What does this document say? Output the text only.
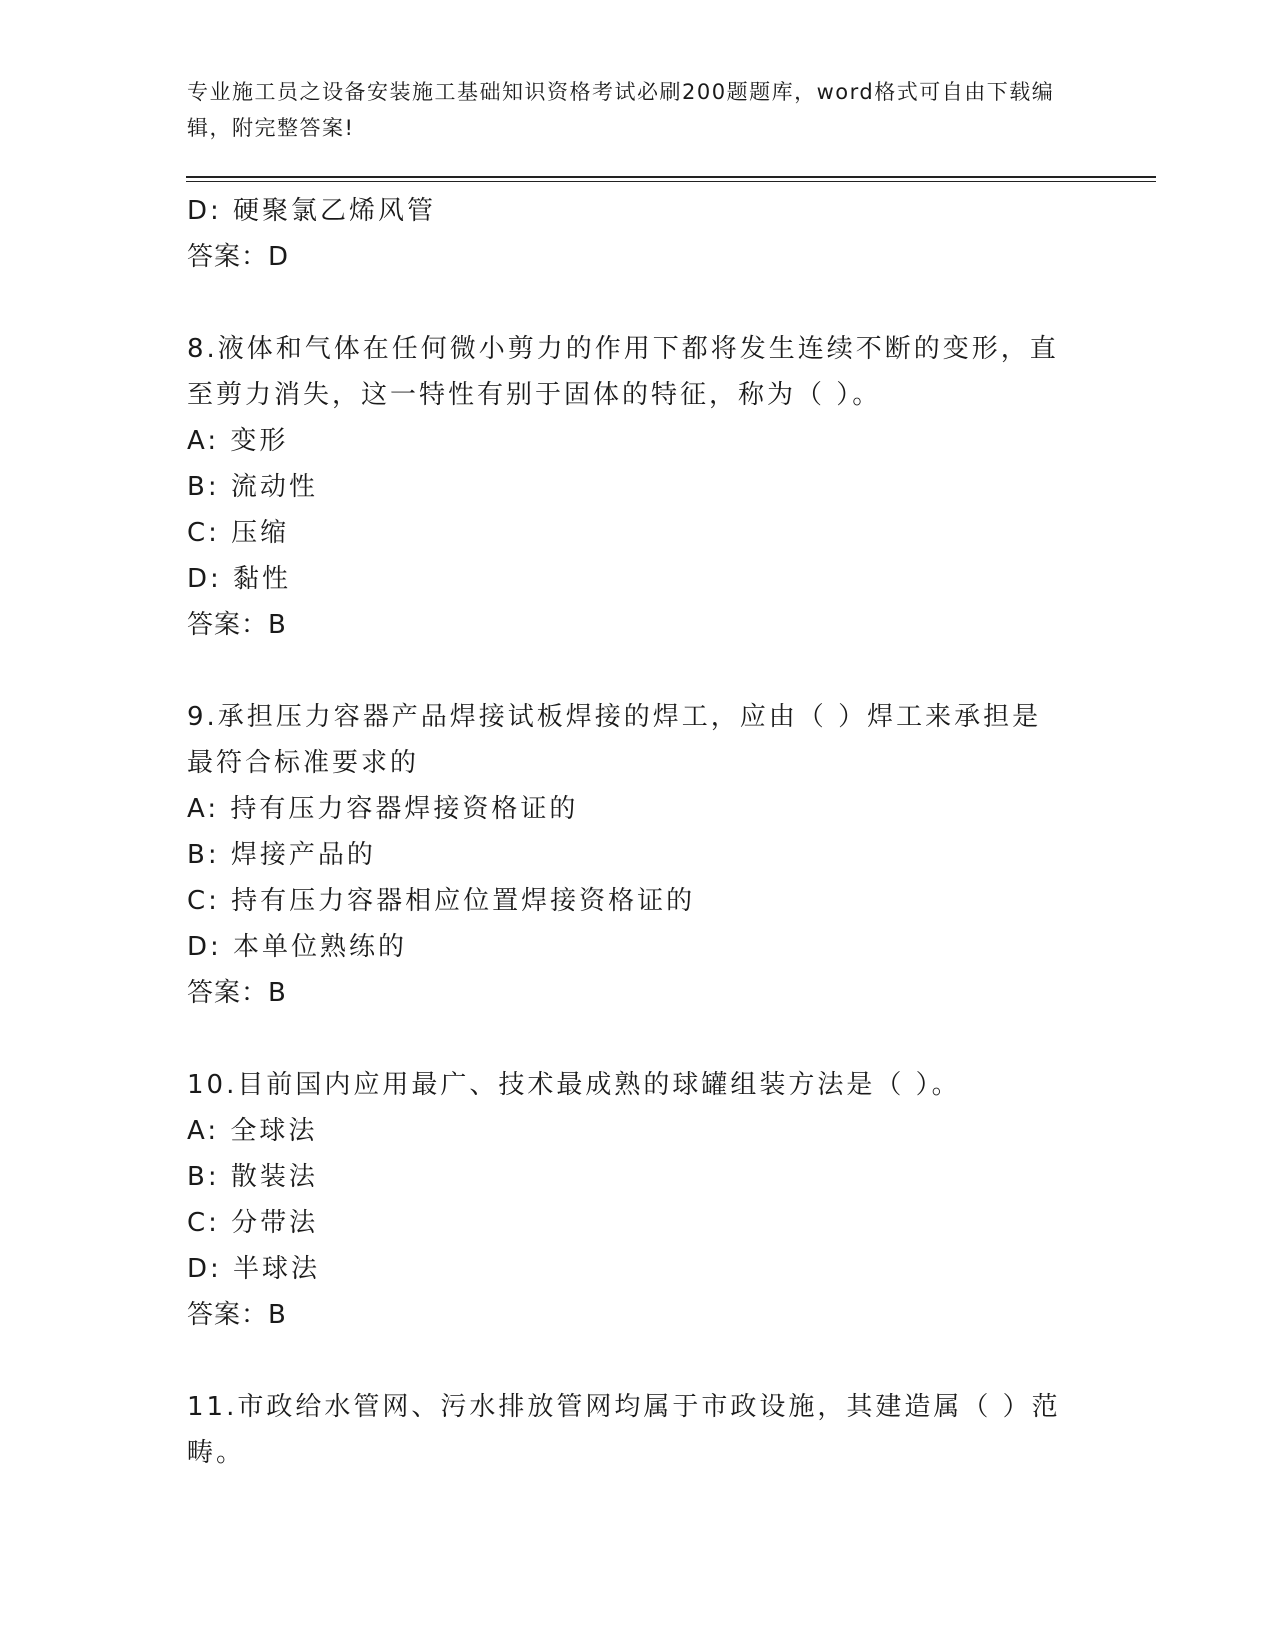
专业施工员之设备安装施工基础知识资格考试必刷200题题库，word格式可自由下载编辑，附完整答案!
D: 硬聚氯乙烯风管
答案：D
8.液体和气体在任何微小剪力的作用下都将发生连续不断的变形，直至剪力消失，这一特性有别于固体的特征，称为（ ）。
A: 变形
B: 流动性
C: 压缩
D: 黏性
答案：B
9.承担压力容器产品焊接试板焊接的焊工，应由（ ）焊工来承担是最符合标准要求的
A: 持有压力容器焊接资格证的
B: 焊接产品的
C: 持有压力容器相应位置焊接资格证的
D: 本单位熟练的
答案：B
10.目前国内应用最广、技术最成熟的球罐组装方法是（ ）。
A: 全球法
B: 散装法
C: 分带法
D: 半球法
答案：B
11.市政给水管网、污水排放管网均属于市政设施，其建造属（ ）范畴。
